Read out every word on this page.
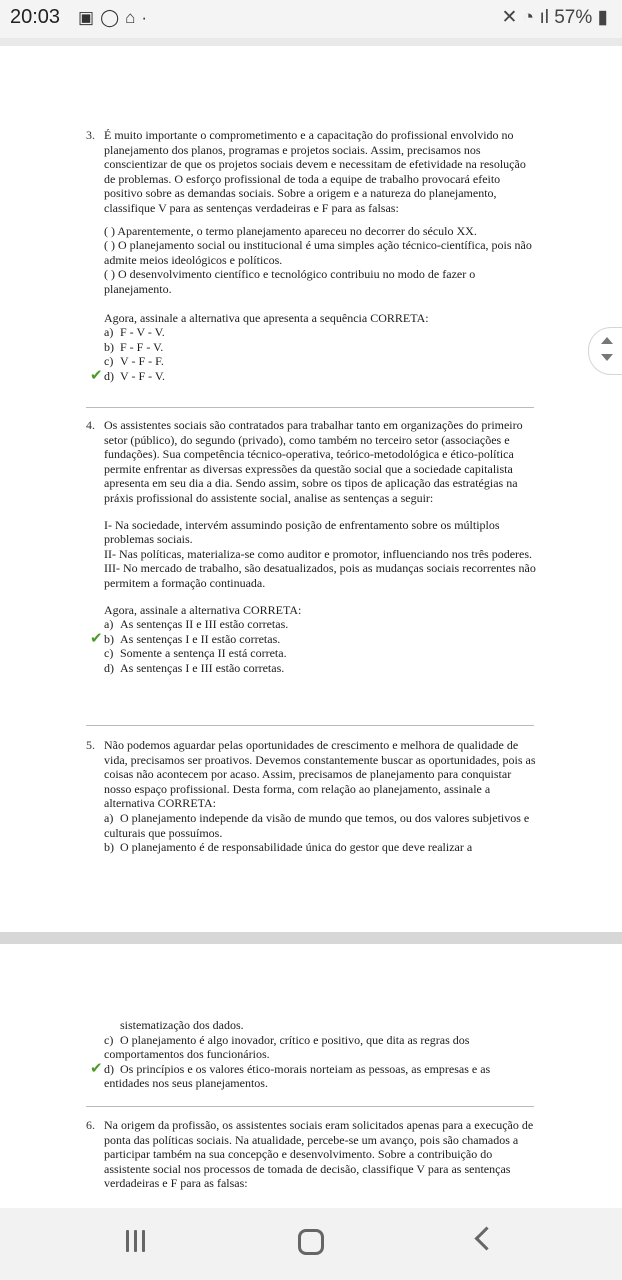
20:03 ▣◯⌂·	✕ ◔ ıl 57% ▮
3. É muito importante o comprometimento e a capacitação do profissional envolvido no planejamento dos planos, programas e projetos sociais. Assim, precisamos nos conscientizar de que os projetos sociais devem e necessitam de efetividade na resolução de problemas. O esforço profissional de toda a equipe de trabalho provocará efeito positivo sobre as demandas sociais. Sobre a origem e a natureza do planejamento, classifique V para as sentenças verdadeiras e F para as falsas:
( ) Aparentemente, o termo planejamento apareceu no decorrer do século XX.
( ) O planejamento social ou institucional é uma simples ação técnico-científica, pois não admite meios ideológicos e políticos.
( ) O desenvolvimento científico e tecnológico contribuiu no modo de fazer o planejamento.
Agora, assinale a alternativa que apresenta a sequência CORRETA:
a) F - V - V.
b) F - F - V.
c) V - F - F.
✔ d) V - F - V.
4. Os assistentes sociais são contratados para trabalhar tanto em organizações do primeiro setor (público), do segundo (privado), como também no terceiro setor (associações e fundações). Sua competência técnico-operativa, teórico-metodológica e ético-política permite enfrentar as diversas expressões da questão social que a sociedade capitalista apresenta em seu dia a dia. Sendo assim, sobre os tipos de aplicação das estratégias na práxis profissional do assistente social, analise as sentenças a seguir:
I- Na sociedade, intervém assumindo posição de enfrentamento sobre os múltiplos problemas sociais.
II- Nas políticas, materializa-se como auditor e promotor, influenciando nos três poderes.
III- No mercado de trabalho, são desatualizados, pois as mudanças sociais recorrentes não permitem a formação continuada.
Agora, assinale a alternativa CORRETA:
a) As sentenças II e III estão corretas.
✔ b) As sentenças I e II estão corretas.
c) Somente a sentença II está correta.
d) As sentenças I e III estão corretas.
5. Não podemos aguardar pelas oportunidades de crescimento e melhora de qualidade de vida, precisamos ser proativos. Devemos constantemente buscar as oportunidades, pois as coisas não acontecem por acaso. Assim, precisamos de planejamento para conquistar nosso espaço profissional. Desta forma, com relação ao planejamento, assinale a alternativa CORRETA:
a) O planejamento independe da visão de mundo que temos, ou dos valores subjetivos e culturais que possuímos.
b) O planejamento é de responsabilidade única do gestor que deve realizar a
sistematização dos dados.
c) O planejamento é algo inovador, crítico e positivo, que dita as regras dos comportamentos dos funcionários.
✔ d) Os princípios e os valores ético-morais norteiam as pessoas, as empresas e as entidades nos seus planejamentos.
6. Na origem da profissão, os assistentes sociais eram solicitados apenas para a execução de ponta das políticas sociais. Na atualidade, percebe-se um avanço, pois são chamados a participar também na sua concepção e desenvolvimento. Sobre a contribuição do assistente social nos processos de tomada de decisão, classifique V para as sentenças verdadeiras e F para as falsas:
